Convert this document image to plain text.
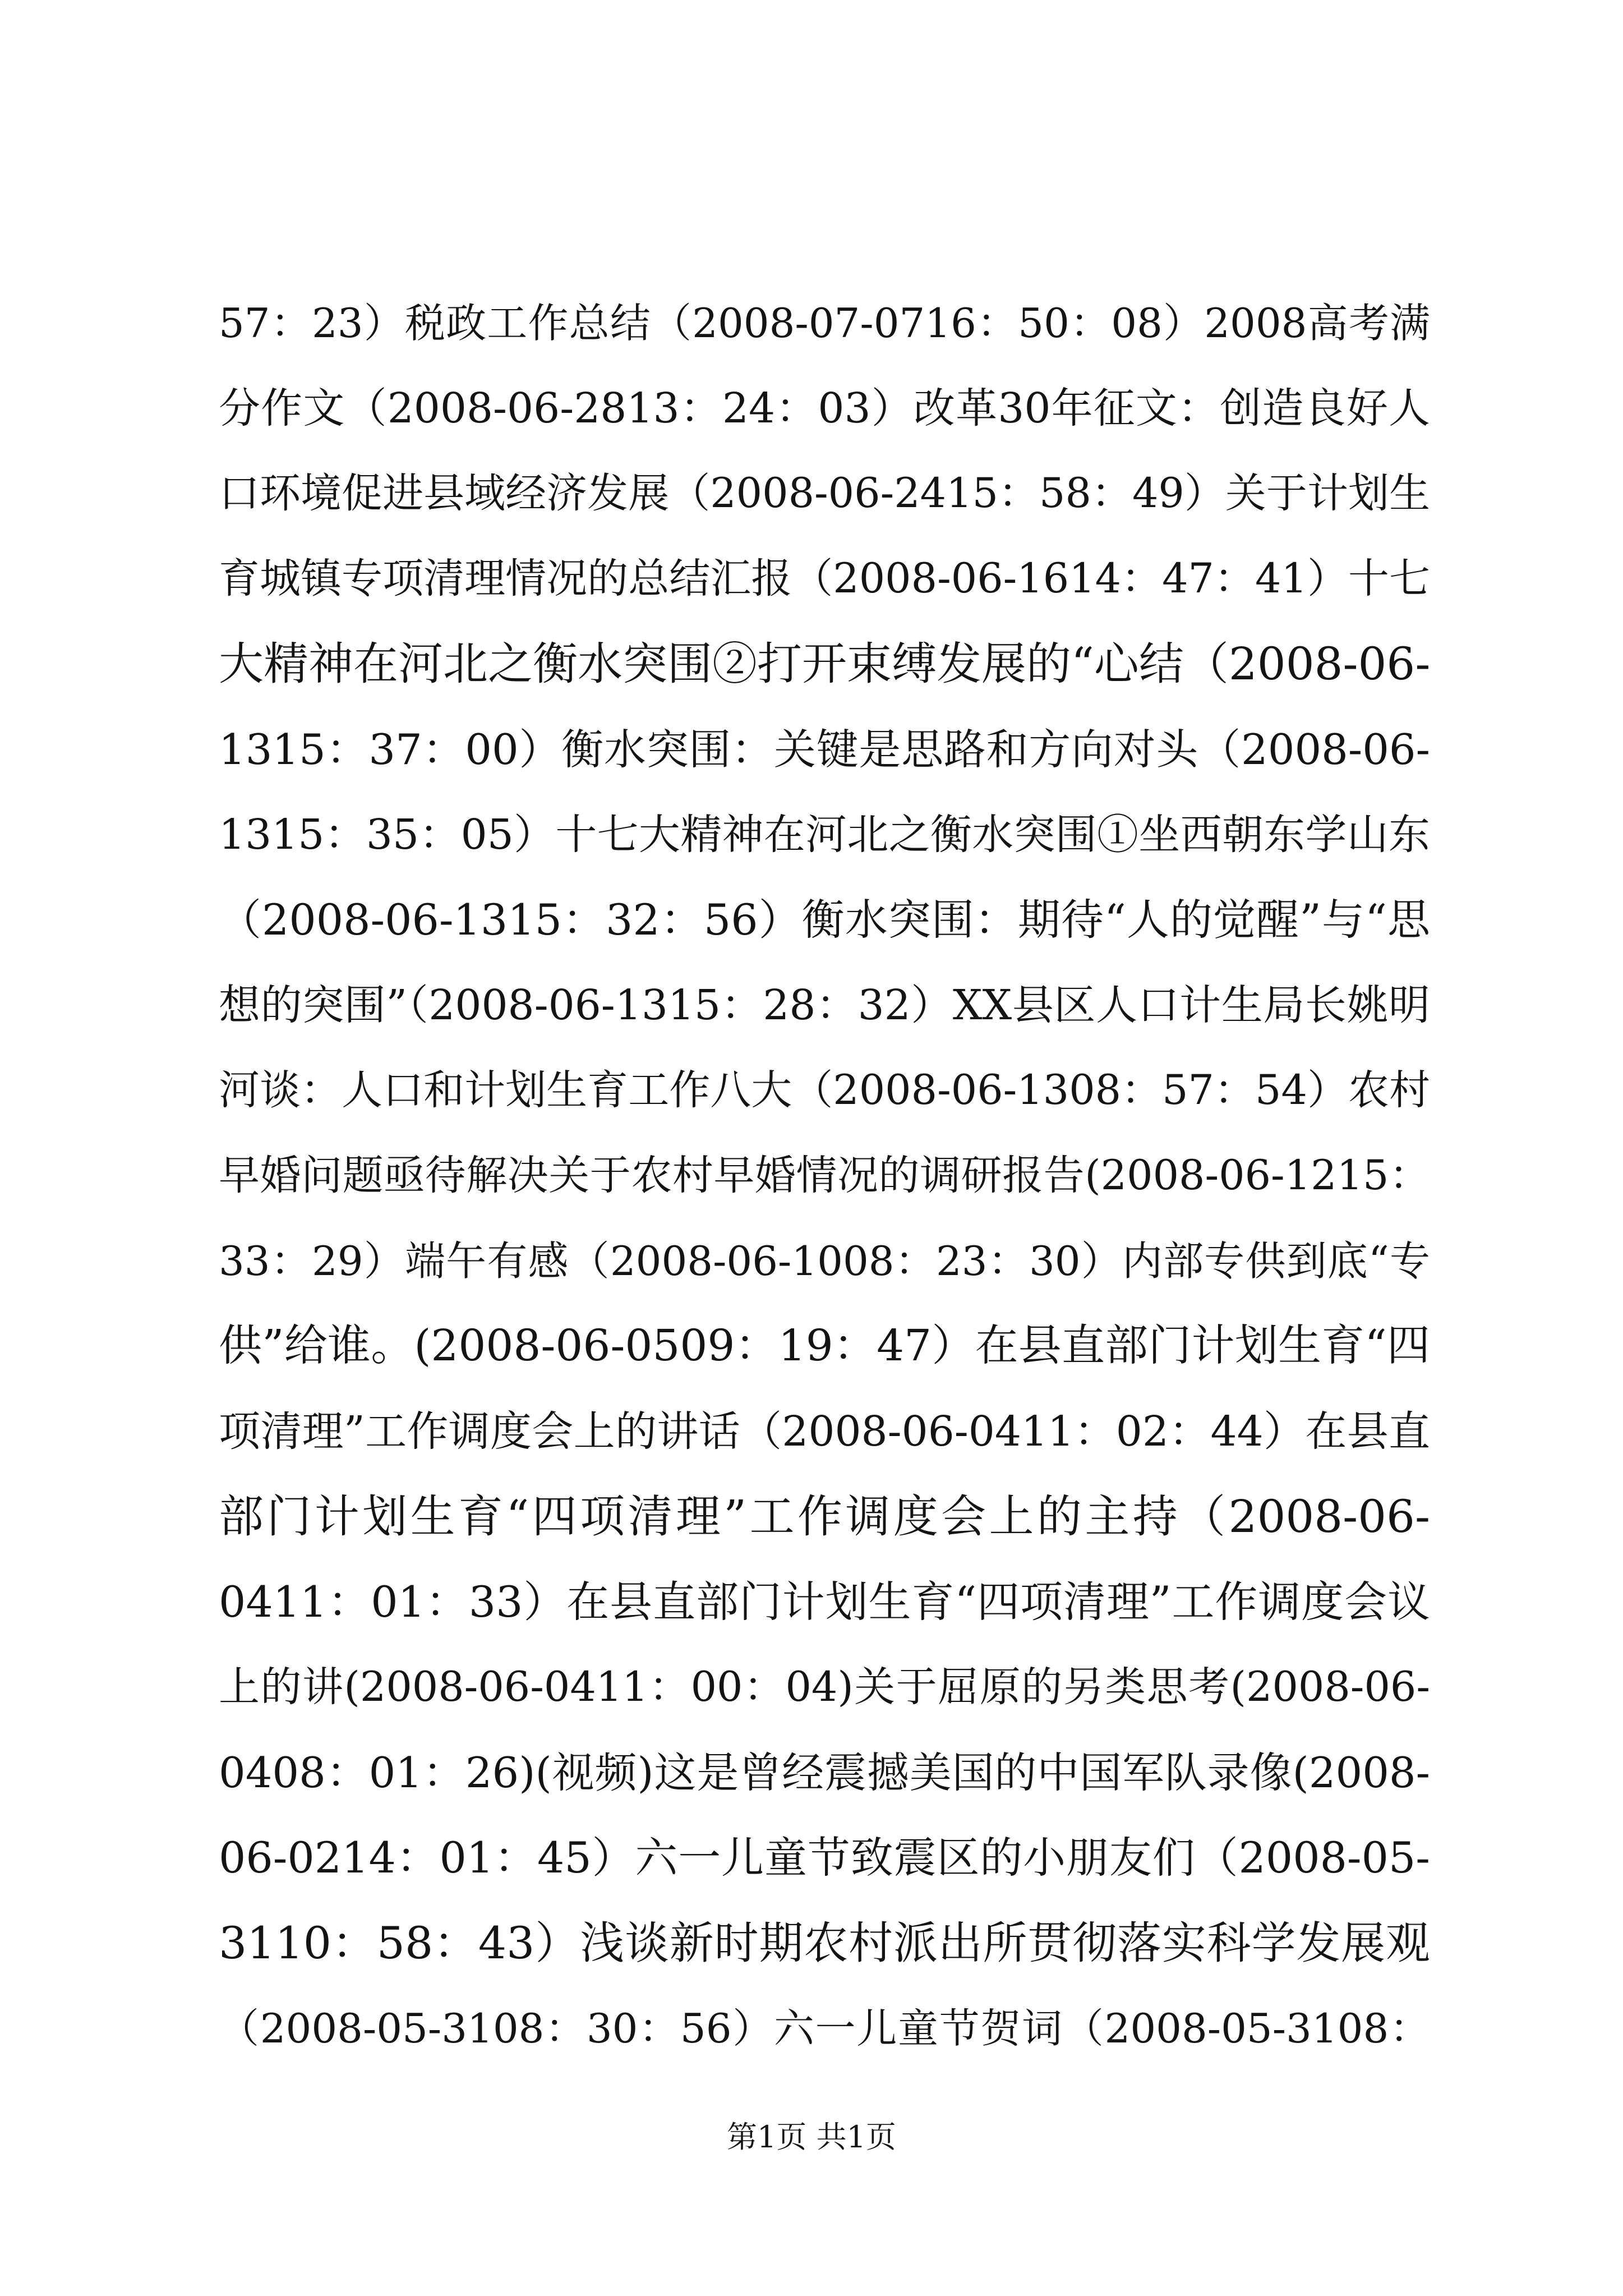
57：23）税政工作总结（2008-07-0716：50：08）2008高考满
分作文（2008-06-2813：24：03）改革30年征文：创造良好人
口环境促进县域经济发展（2008-06-2415：58：49）关于计划生
育城镇专项清理情况的总结汇报（2008-06-1614：47：41）十七
大精神在河北之衡水突围②打开束缚发展的“心结（2008-06-
1315：37：00）衡水突围：关键是思路和方向对头（2008-06-
1315：35：05）十七大精神在河北之衡水突围①坐西朝东学山东
（2008-06-1315：32：56）衡水突围：期待“人的觉醒”与“思
想的突围”（2008-06-1315：28：32）XX县区人口计生局长姚明
河谈：人口和计划生育工作八大（2008-06-1308：57：54）农村
早婚问题亟待解决关于农村早婚情况的调研报告(2008-06-1215：
33：29）端午有感（2008-06-1008：23：30）内部专供到底“专
供”给谁。(2008-06-0509：19：47）在县直部门计划生育“四
项清理”工作调度会上的讲话（2008-06-0411：02：44）在县直
部门计划生育“四项清理”工作调度会上的主持（2008-06-
0411：01：33）在县直部门计划生育“四项清理”工作调度会议
上的讲(2008-06-0411：00：04)关于屈原的另类思考(2008-06-
0408：01：26)(视频)这是曾经震撼美国的中国军队录像(2008-
06-0214：01：45）六一儿童节致震区的小朋友们（2008-05-
3110：58：43）浅谈新时期农村派出所贯彻落实科学发展观
（2008-05-3108：30：56）六一儿童节贺词（2008-05-3108：
第1页 共1页
